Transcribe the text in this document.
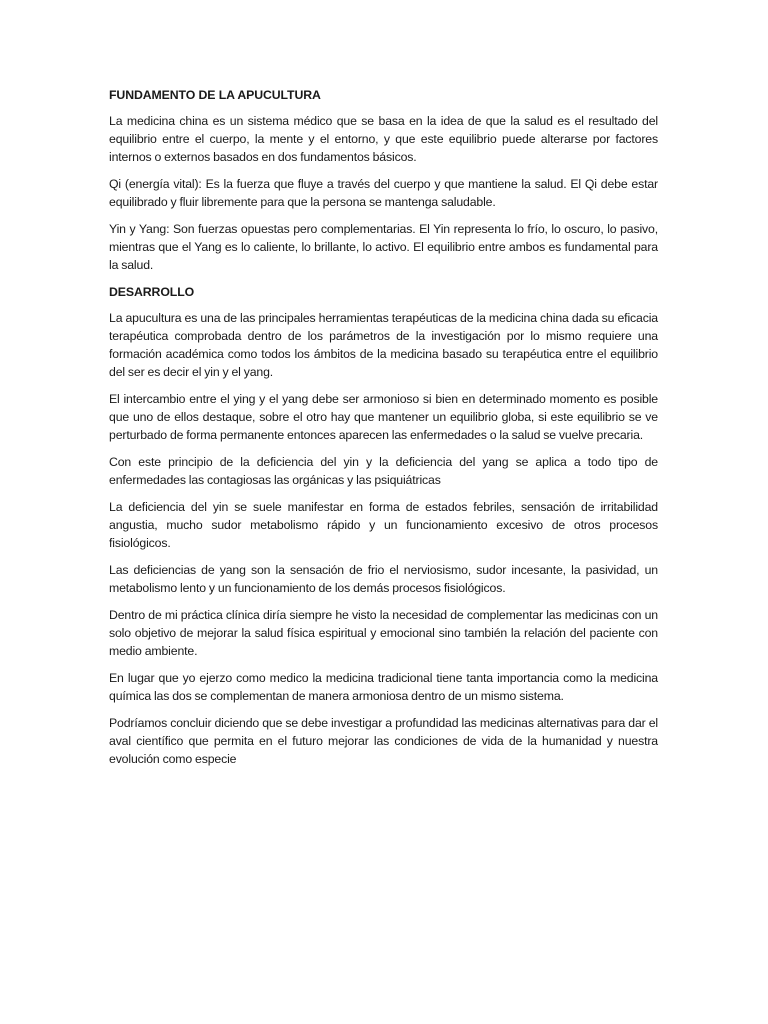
FUNDAMENTO DE LA APUCULTURA

La medicina china es un sistema médico que se basa en la idea de que la salud es el resultado del equilibrio entre el cuerpo, la mente y el entorno, y que este equilibrio puede alterarse por factores internos o externos basados en dos fundamentos básicos.

Qi (energía vital): Es la fuerza que fluye a través del cuerpo y que mantiene la salud. El Qi debe estar equilibrado y fluir libremente para que la persona se mantenga saludable.

Yin y Yang: Son fuerzas opuestas pero complementarias. El Yin representa lo frío, lo oscuro, lo pasivo, mientras que el Yang es lo caliente, lo brillante, lo activo. El equilibrio entre ambos es fundamental para la salud.

DESARROLLO

La apucultura es una de las principales herramientas terapéuticas de la medicina china dada su eficacia terapéutica comprobada dentro de los parámetros de la investigación por lo mismo requiere una formación académica como todos los ámbitos de la medicina basado su terapéutica entre el equilibrio del ser es decir el yin y el yang.

El intercambio entre el ying y el yang debe ser armonioso si bien en determinado momento es posible que uno de ellos destaque, sobre el otro hay que mantener un equilibrio globa, si este equilibrio se ve perturbado de forma permanente entonces aparecen las enfermedades o la salud se vuelve precaria.

Con este principio de la deficiencia del yin y la deficiencia del yang se aplica a todo tipo de enfermedades las contagiosas las orgánicas y las psiquiátricas

La deficiencia del yin se suele manifestar en forma de estados febriles, sensación de irritabilidad angustia, mucho sudor metabolismo rápido y un funcionamiento excesivo de otros procesos fisiológicos.

Las deficiencias de yang son la sensación de frio el nerviosismo, sudor incesante, la pasividad, un metabolismo lento y un funcionamiento de los demás procesos fisiológicos.

Dentro de mi práctica clínica diría siempre he visto la necesidad de complementar las medicinas con un solo objetivo de mejorar la salud física espiritual y emocional sino también la relación del paciente con medio ambiente.

En lugar que yo ejerzo como medico la medicina tradicional tiene tanta importancia como la medicina química las dos se complementan de manera armoniosa dentro de un mismo sistema.

Podríamos concluir diciendo que se debe investigar a profundidad las medicinas alternativas para dar el aval científico que permita en el futuro mejorar las condiciones de vida de la humanidad y nuestra evolución como especie
